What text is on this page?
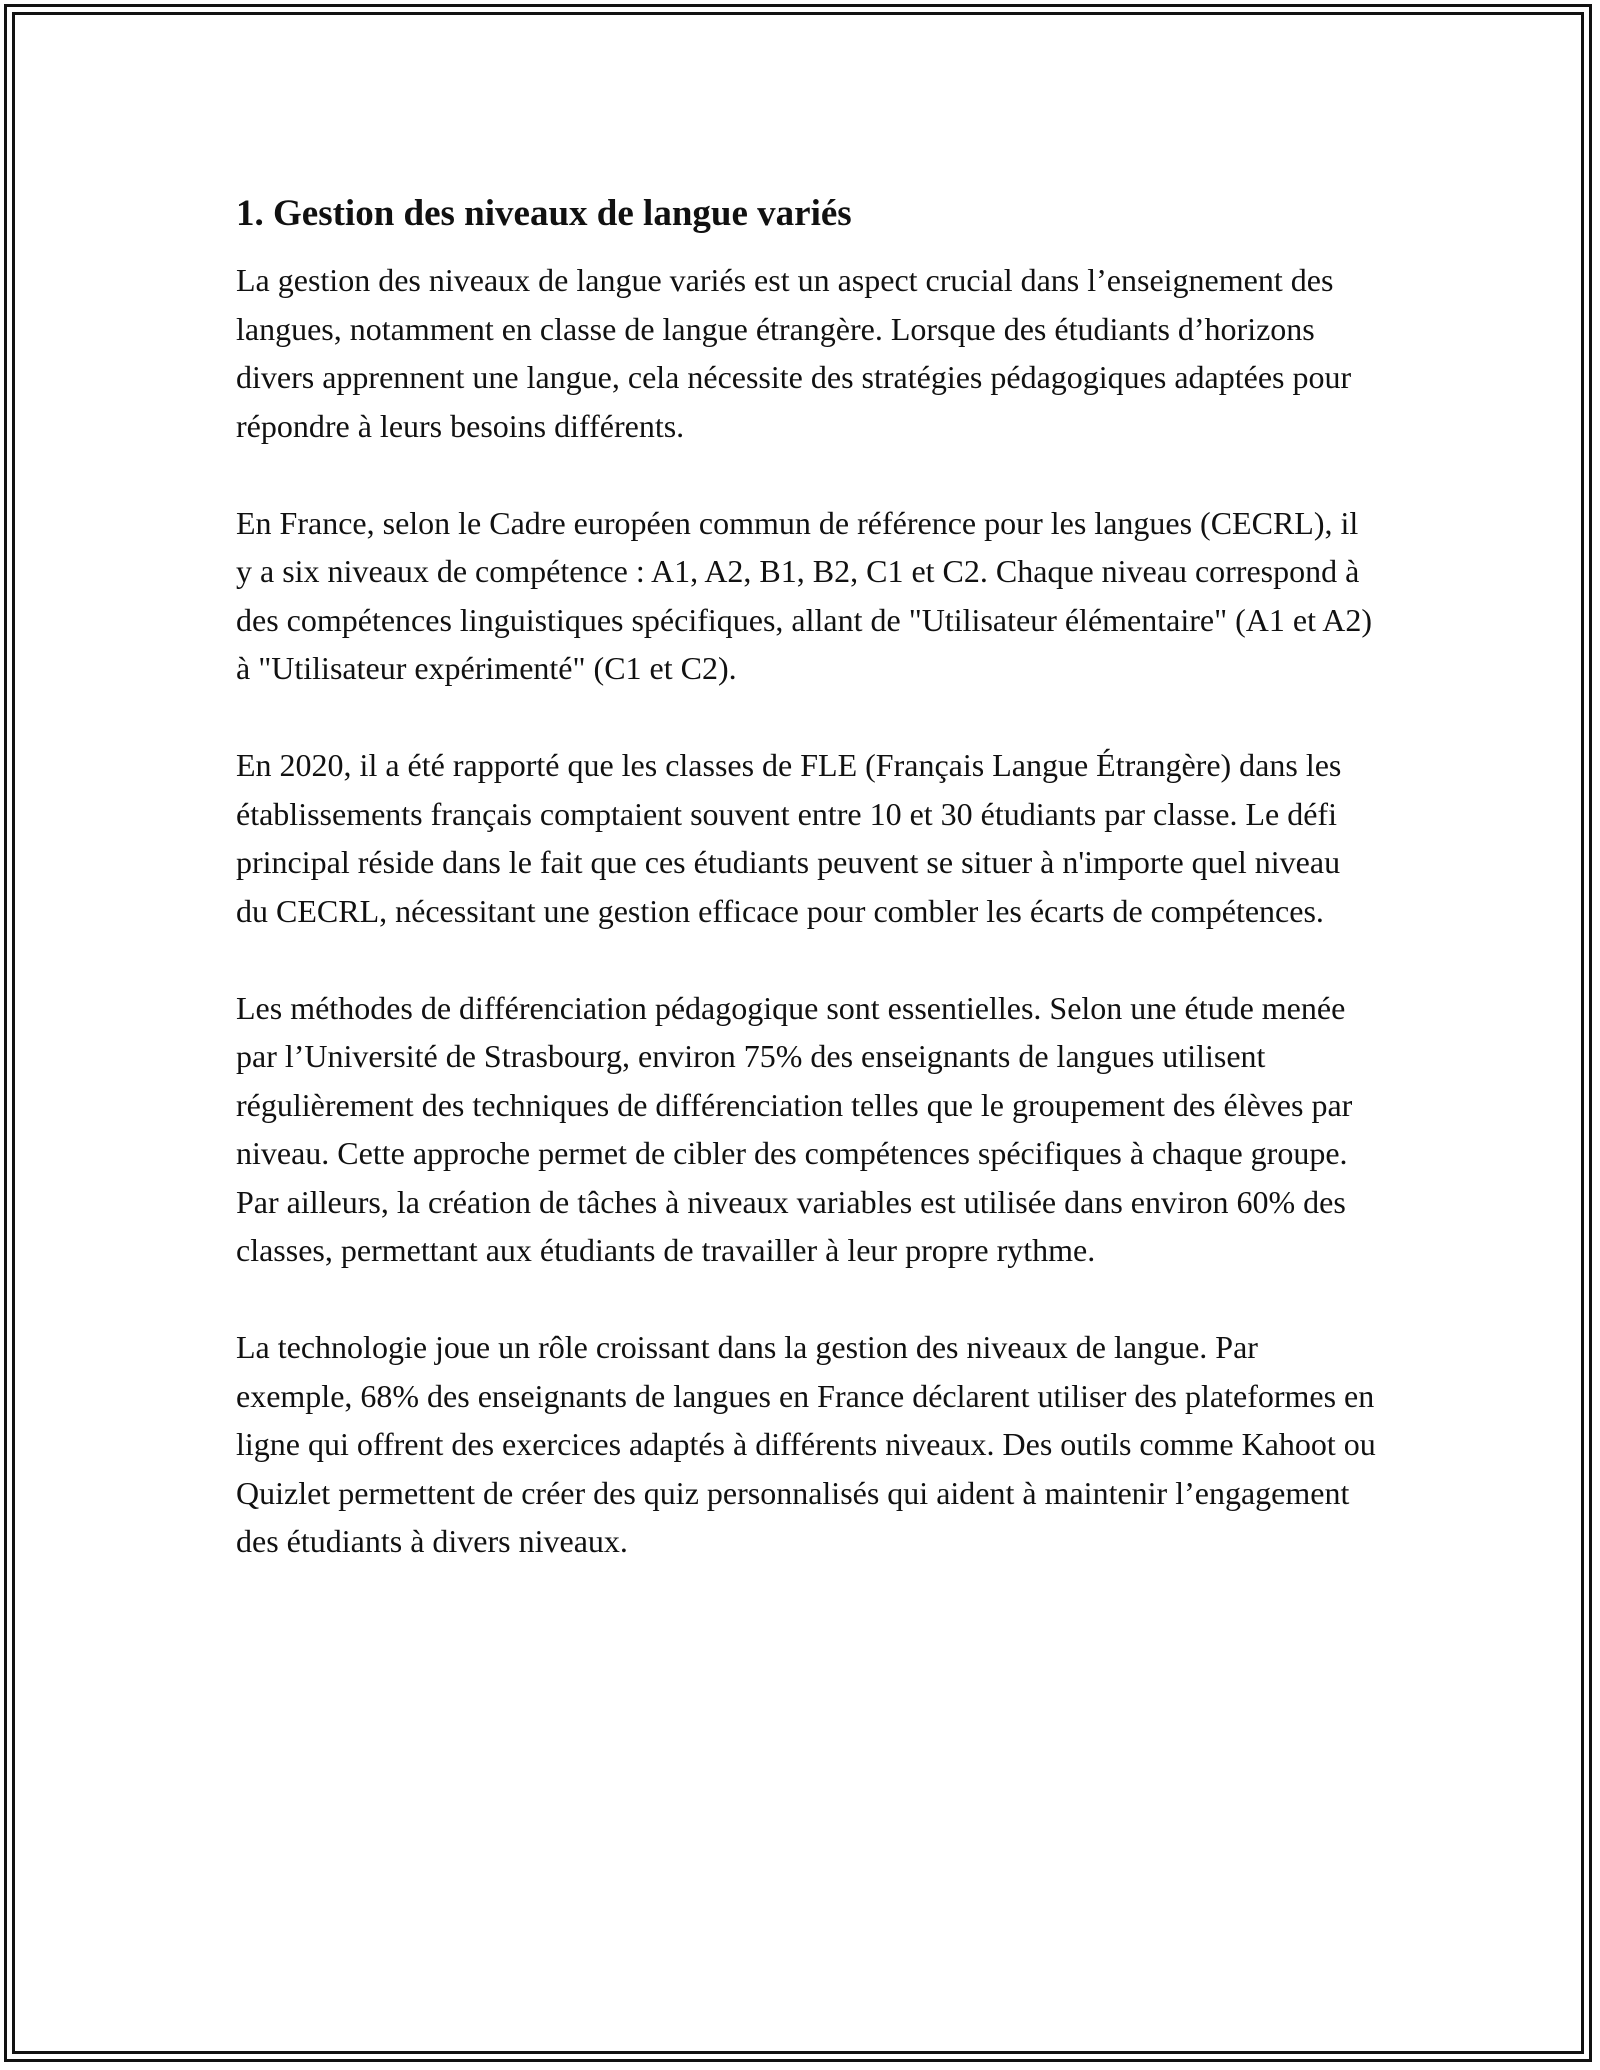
1. Gestion des niveaux de langue variés

La gestion des niveaux de langue variés est un aspect crucial dans l’enseignement des langues, notamment en classe de langue étrangère. Lorsque des étudiants d’horizons divers apprennent une langue, cela nécessite des stratégies pédagogiques adaptées pour répondre à leurs besoins différents.

En France, selon le Cadre européen commun de référence pour les langues (CECRL), il y a six niveaux de compétence : A1, A2, B1, B2, C1 et C2. Chaque niveau correspond à des compétences linguistiques spécifiques, allant de "Utilisateur élémentaire" (A1 et A2) à "Utilisateur expérimenté" (C1 et C2).

En 2020, il a été rapporté que les classes de FLE (Français Langue Étrangère) dans les établissements français comptaient souvent entre 10 et 30 étudiants par classe. Le défi principal réside dans le fait que ces étudiants peuvent se situer à n'importe quel niveau du CECRL, nécessitant une gestion efficace pour combler les écarts de compétences.

Les méthodes de différenciation pédagogique sont essentielles. Selon une étude menée par l’Université de Strasbourg, environ 75% des enseignants de langues utilisent régulièrement des techniques de différenciation telles que le groupement des élèves par niveau. Cette approche permet de cibler des compétences spécifiques à chaque groupe. Par ailleurs, la création de tâches à niveaux variables est utilisée dans environ 60% des classes, permettant aux étudiants de travailler à leur propre rythme.

La technologie joue un rôle croissant dans la gestion des niveaux de langue. Par exemple, 68% des enseignants de langues en France déclarent utiliser des plateformes en ligne qui offrent des exercices adaptés à différents niveaux. Des outils comme Kahoot ou Quizlet permettent de créer des quiz personnalisés qui aident à maintenir l’engagement des étudiants à divers niveaux.
